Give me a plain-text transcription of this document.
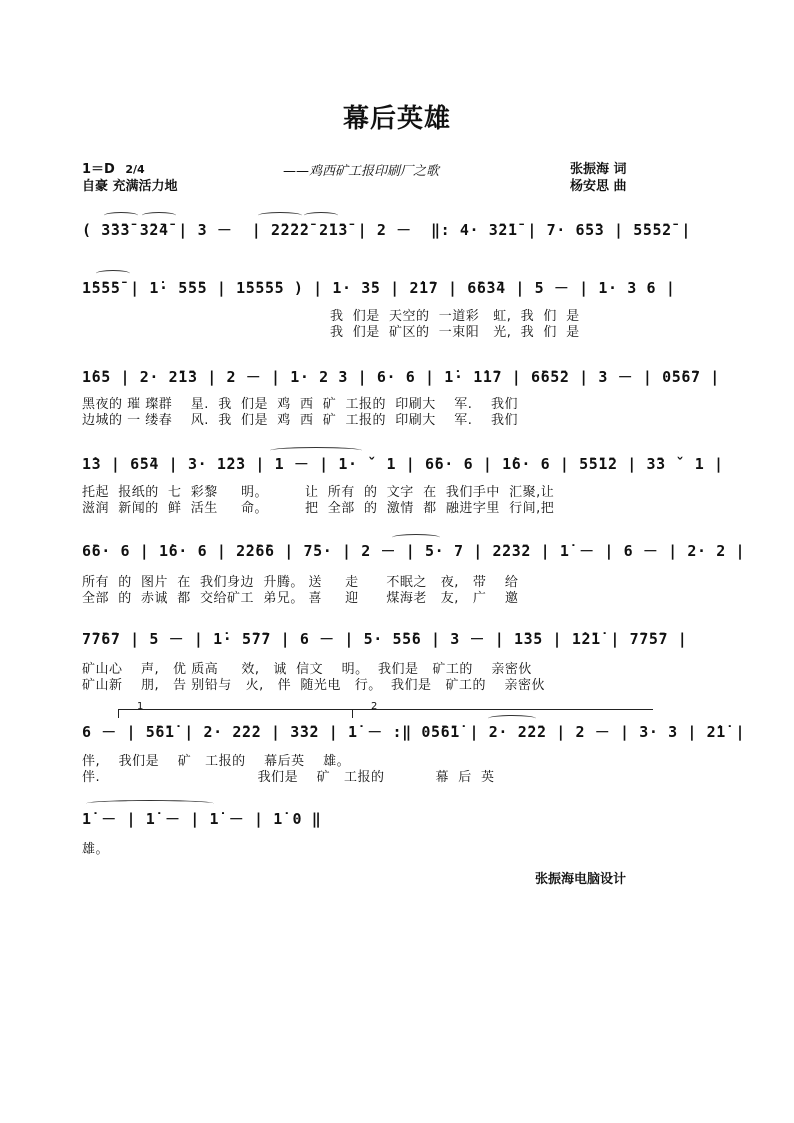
幕后英雄
1＝D 2/4
自豪 充满活力地
——鸡西矿工报印刷厂之歌	张振海 词
杨安思 曲
( 3̄3̄3̄ 3̄2̄4̄ | 3 －  | 2̄2̄2̄2̄ 2̄1̄3̄ | 2 －  ‖: 4· 3̄2̄1̄ | 7· 6̄5̄3 | 5̄5̄5̄2̄ |
1̇5̄5̄5̄ | 1̇· 5̄5̄5 | 1̄5̄5̄5̄5 ) | 1· 3̄5 | 2̇1̄7 | 6̄6̄3̄4 | 5 － | 1· 3 6 |
我  们是  天空的  一道彩   虹,  我  们  是
我  们是  矿区的  一束阳   光,  我  们  是
1̇6̄5 | 2· 2̄1̄3 | 2 － | 1· 2 3 | 6· 6 | 1̇· 1̇1̄7 | 6̄6̄5̄2 | 3 － | 0̄5̄6̄7 |
黑夜的 璀 璨群    星.  我  们是  鸡  西  矿  工报的  印刷大    军.    我们
边城的 一 缕春    风.  我  们是  鸡  西  矿  工报的  印刷大    军.    我们
1̇3 | 6̄5̄4 | 3· 1̄2̄3 | 1 － | 1· ˇ 1 | 6̄6· 6 | 1̇6· 6 | 5̄5̄1̄2 | 3̄3 ˇ 1 |
托起  报纸的  七  彩黎     明。        让  所有  的  文字  在  我们手中  汇聚,让
滋润  新闻的  鲜  活生     命。        把  全部  的  激情  都  融进字里  行间,把
6̄6· 6 | 1̇6· 6 | 2̄2̄6̄6 | 7̄5· | 2 － | 5· 7 | 2̄2̄3̄2 | 1̇ － | 6 － | 2· 2 |
所有  的  图片  在  我们身边  升腾。 送     走      不眠之   夜,   带    给
全部  的  赤诚  都  交给矿工  弟兄。 喜     迎      煤海老   友,   广    邀
7̄7̄6̄7 | 5 － | 1̇· 5̄7̄7 | 6 － | 5· 5̄5̄6 | 3 － | 1̄3̄5 | 1̇2̄1̇ | 7̄7̄5̄7 |
矿山心    声,   优 质高     效,   诚  信文    明。  我们是   矿工的    亲密伙
矿山新    朋,   告 别铅与   火,   伴  随光电   行。  我们是   矿工的    亲密伙
1	2
6 － | 5̄6̄1̇ | 2· 2̄2̄2 | 3̄3̄2 | 1̇ － :‖ 0̄5̄6̄1̇ | 2· 2̄2̄2 | 2 － | 3· 3 | 2̇1̇ |
伴,    我们是    矿   工报的    幕后英    雄。
伴.                                  我们是    矿   工报的           幕  后  英
1̇ － | 1̇ － | 1̇ － | 1̇ 0 ‖
雄。
张振海电脑设计
